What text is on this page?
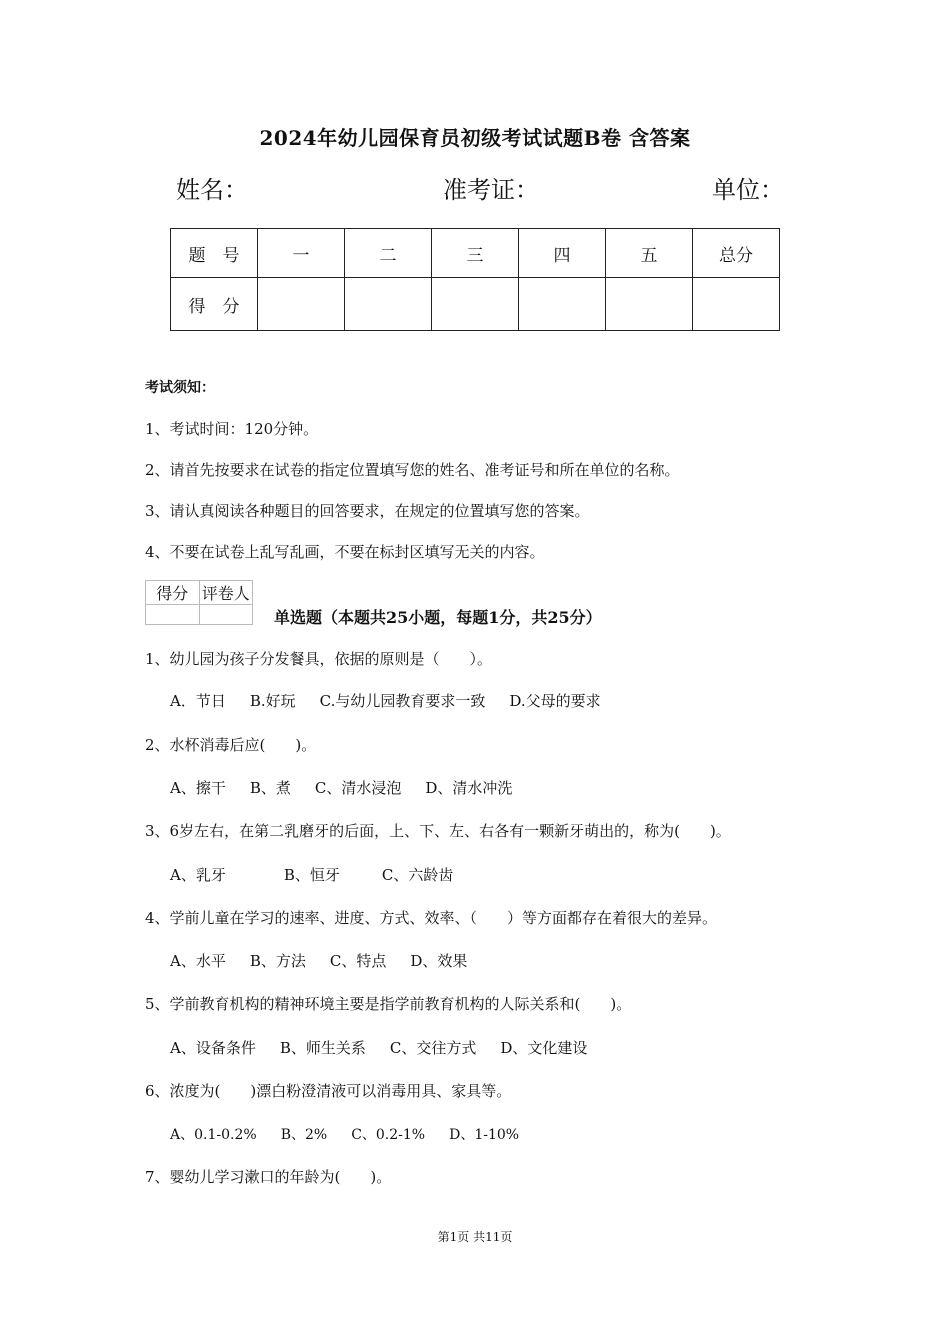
2024年幼儿园保育员初级考试试题B卷 含答案
姓名：	准考证：	单位：
题　号	一	二	三	四	五	总分
得　分						
考试须知：
1、考试时间：120分钟。
2、请首先按要求在试卷的指定位置填写您的姓名、准考证号和所在单位的名称。
3、请认真阅读各种题目的回答要求，在规定的位置填写您的答案。
4、不要在试卷上乱写乱画，不要在标封区填写无关的内容。
得分	评卷人

单选题（本题共25小题，每题1分，共25分）
1、幼儿园为孩子分发餐具，依据的原则是（　　）。
A．节日 B.好玩 C.与幼儿园教育要求一致 D.父母的要求
2、水杯消毒后应(　　)。
A、擦干 B、煮 C、清水浸泡 D、清水冲洗
3、6岁左右，在第二乳磨牙的后面，上、下、左、右各有一颗新牙萌出的，称为(　　)。
A、乳牙	B、恒牙	C、六龄齿
4、学前儿童在学习的速率、进度、方式、效率、（　　）等方面都存在着很大的差异。
A、水平 B、方法 C、特点 D、效果
5、学前教育机构的精神环境主要是指学前教育机构的人际关系和(　　)。
A、设备条件 B、师生关系 C、交往方式 D、文化建设
6、浓度为(　　)漂白粉澄清液可以消毒用具、家具等。
A、0.1-0.2% B、2% C、0.2-1% D、1-10%
7、婴幼儿学习漱口的年龄为(　　)。
第1页 共11页
